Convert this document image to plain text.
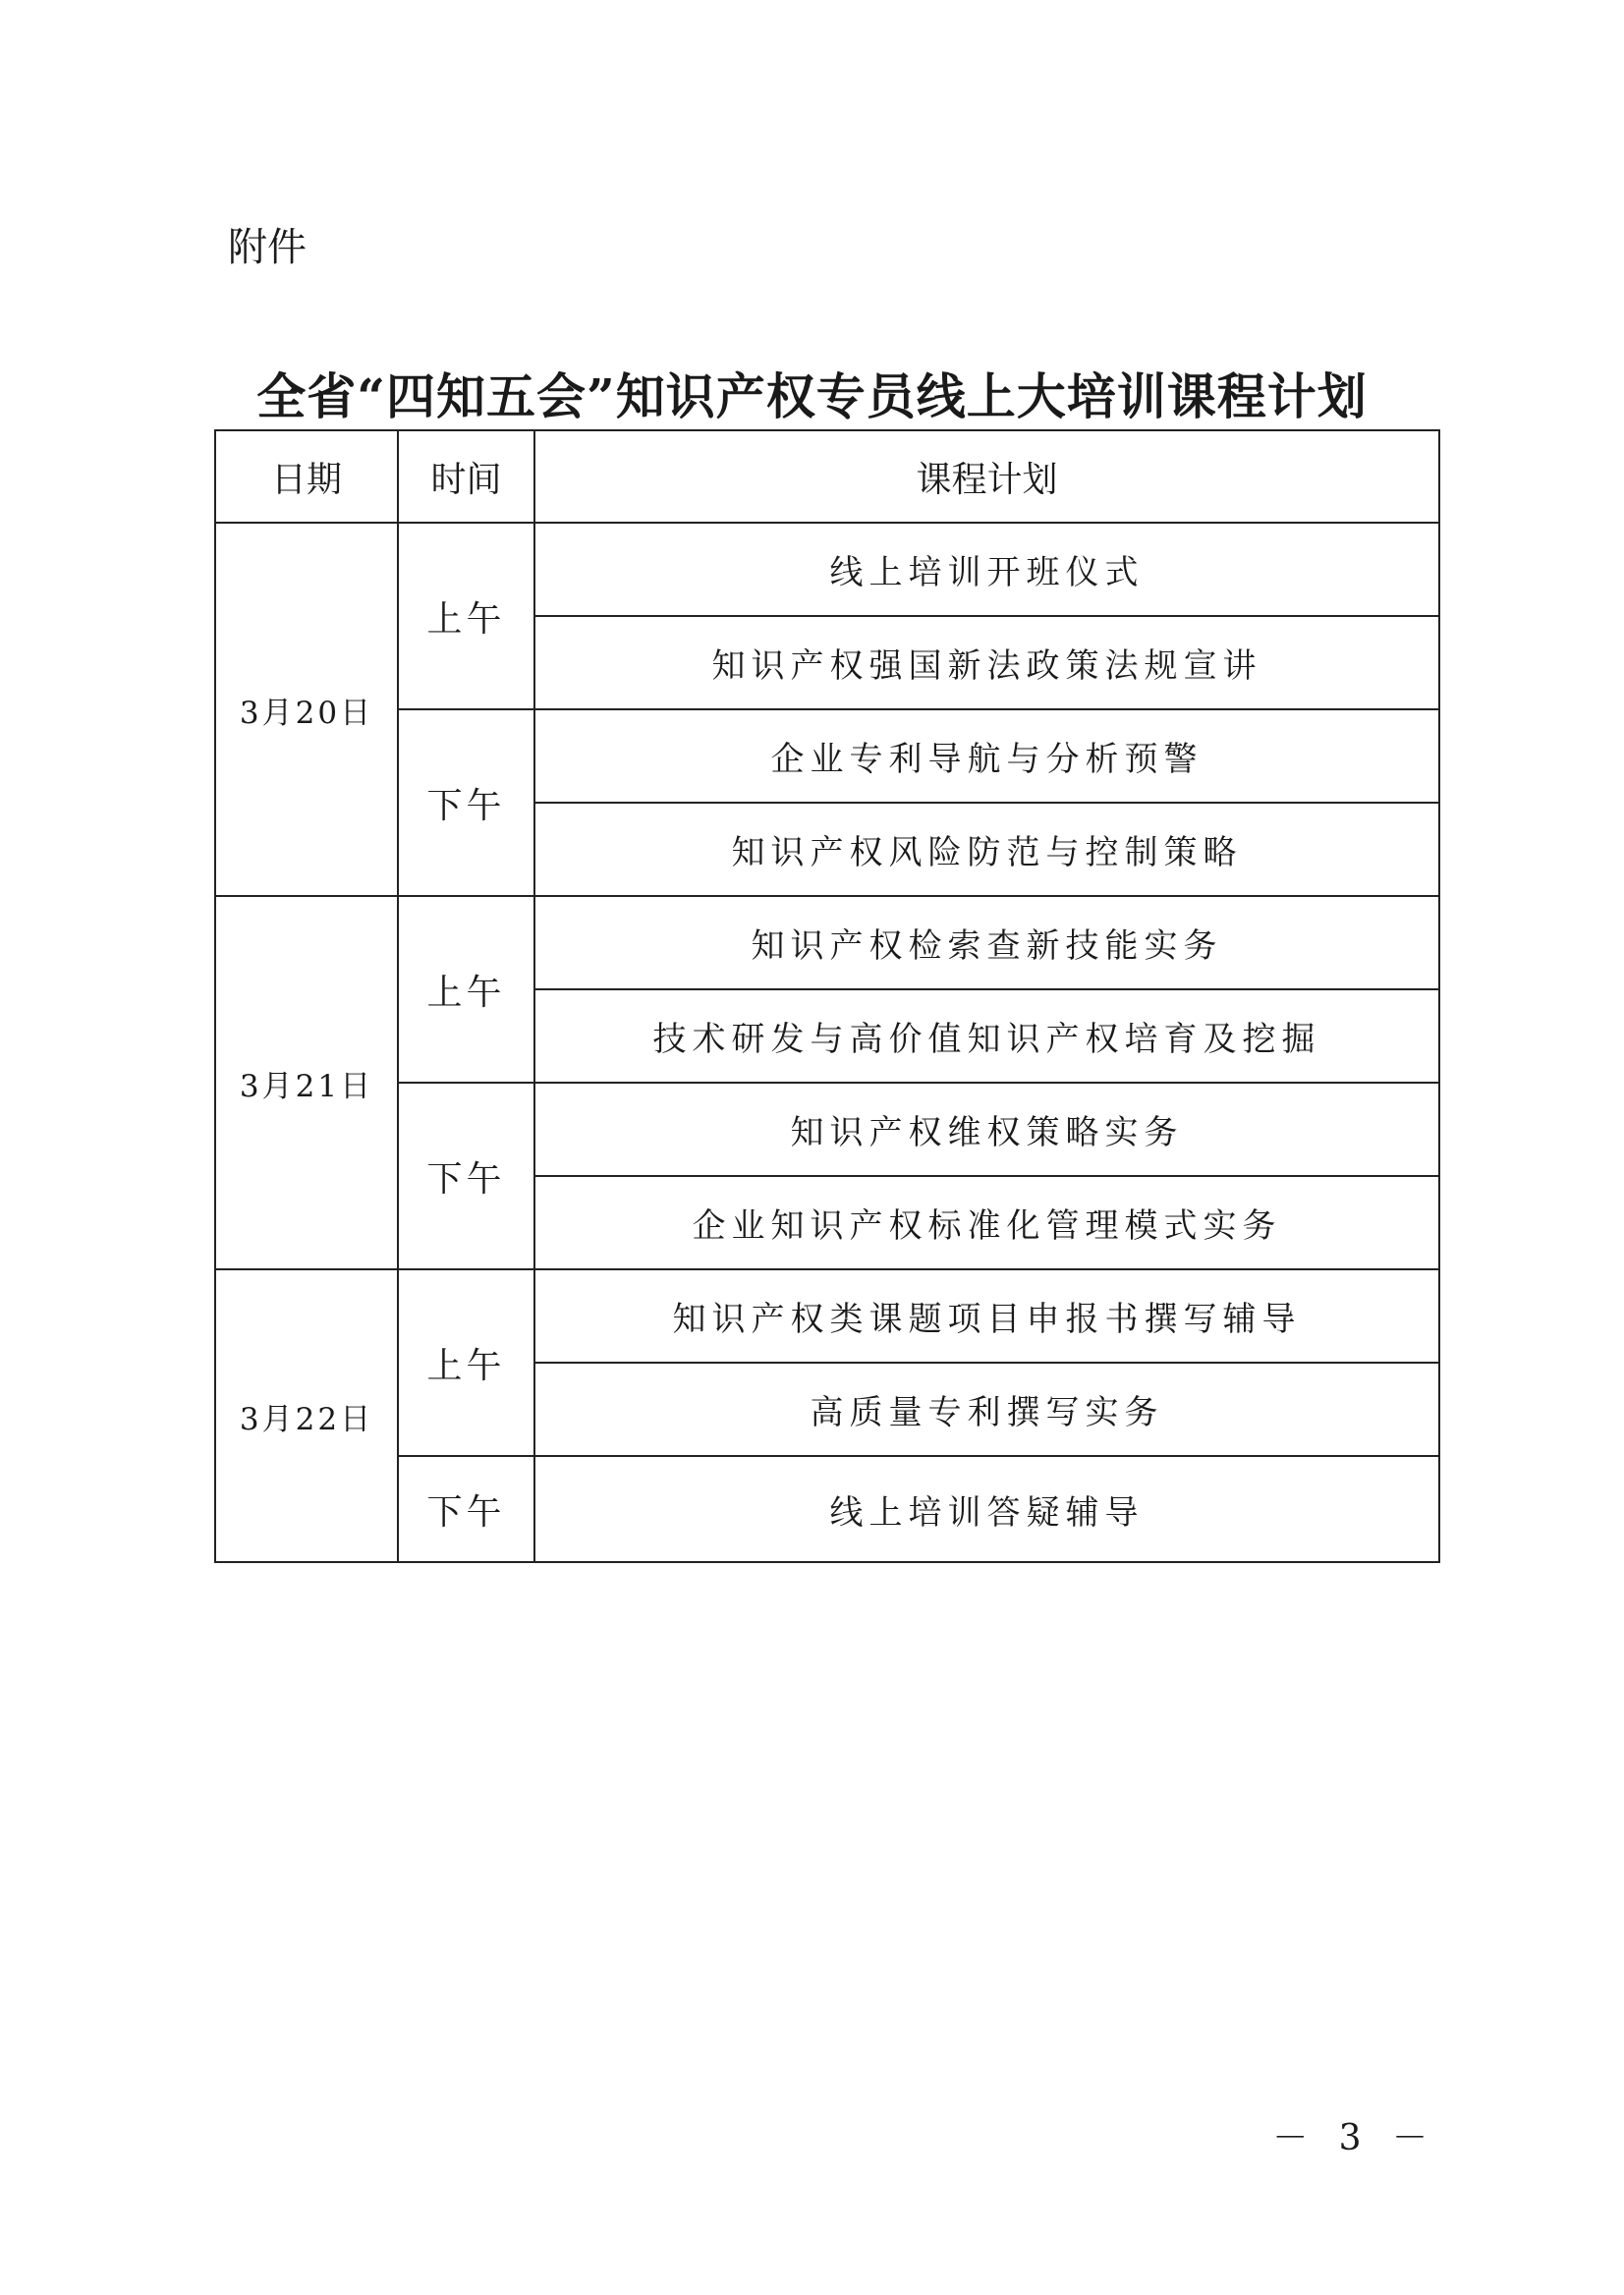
附件
全省“四知五会”知识产权专员线上大培训课程计划
日期	时间	课程计划
3月20日	上午	线上培训开班仪式
		知识产权强国新法政策法规宣讲
	下午	企业专利导航与分析预警
		知识产权风险防范与控制策略
3月21日	上午	知识产权检索查新技能实务
		技术研发与高价值知识产权培育及挖掘
	下午	知识产权维权策略实务
		企业知识产权标准化管理模式实务
3月22日	上午	知识产权类课题项目申报书撰写辅导
		高质量专利撰写实务
	下午	线上培训答疑辅导
－ 3 －
